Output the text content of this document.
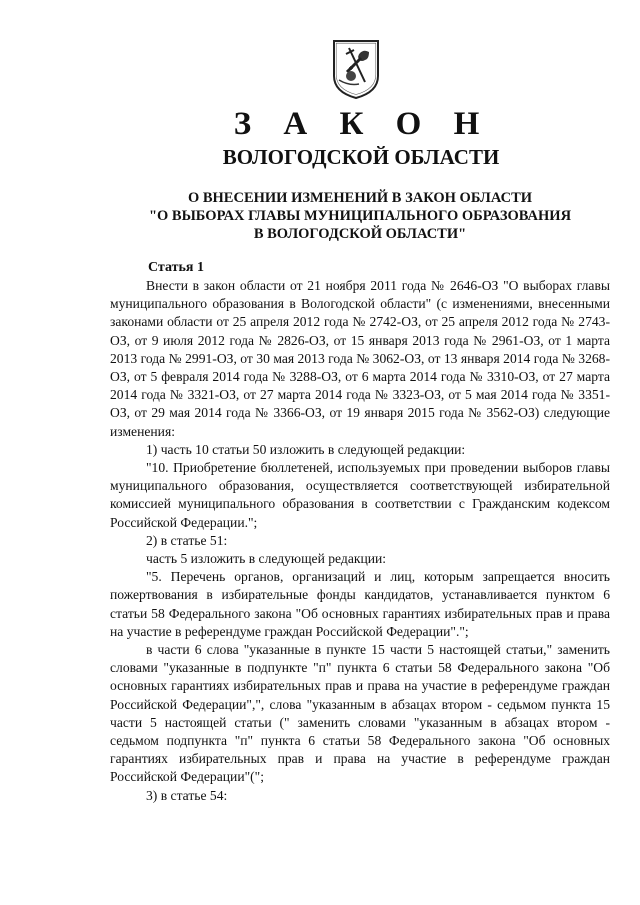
З А К О Н
ВОЛОГОДСКОЙ ОБЛАСТИ
О ВНЕСЕНИИ ИЗМЕНЕНИЙ В ЗАКОН ОБЛАСТИ
"О ВЫБОРАХ ГЛАВЫ МУНИЦИПАЛЬНОГО ОБРАЗОВАНИЯ
В ВОЛОГОДСКОЙ ОБЛАСТИ"
Статья 1

Внести в закон области от 21 ноября 2011 года № 2646-ОЗ "О выборах главы муниципального образования в Вологодской области" (с изменениями, внесенными законами области от 25 апреля 2012 года № 2742-ОЗ, от 25 апреля 2012 года № 2743-ОЗ, от 9 июля 2012 года № 2826-ОЗ, от 15 января 2013 года № 2961-ОЗ, от 1 марта 2013 года № 2991-ОЗ, от 30 мая 2013 года № 3062-ОЗ, от 13 января 2014 года № 3268-ОЗ, от 5 февраля 2014 года № 3288-ОЗ, от 6 марта 2014 года № 3310-ОЗ, от 27 марта 2014 года № 3321-ОЗ, от 27 марта 2014 года № 3323-ОЗ, от 5 мая 2014 года № 3351-ОЗ, от 29 мая 2014 года № 3366-ОЗ, от 19 января 2015 года № 3562-ОЗ) следующие изменения:

1) часть 10 статьи 50 изложить в следующей редакции:

"10. Приобретение бюллетеней, используемых при проведении выборов главы муниципального образования, осуществляется соответствующей избирательной комиссией муниципального образования в соответствии с Гражданским кодексом Российской Федерации.";

2) в статье 51:

часть 5 изложить в следующей редакции:

"5. Перечень органов, организаций и лиц, которым запрещается вносить пожертвования в избирательные фонды кандидатов, устанавливается пунктом 6 статьи 58 Федерального закона "Об основных гарантиях избирательных прав и права на участие в референдуме граждан Российской Федерации".";

в части 6 слова "указанные в пункте 15 части 5 настоящей статьи," заменить словами "указанные в подпункте "п" пункта 6 статьи 58 Федерального закона "Об основных гарантиях избирательных прав и права на участие в референдуме граждан Российской Федерации",", слова "указанным в абзацах втором - седьмом пункта 15 части 5 настоящей статьи (" заменить словами "указанным в абзацах втором - седьмом подпункта "п" пункта 6 статьи 58 Федерального закона "Об основных гарантиях избирательных прав и права на участие в референдуме граждан Российской Федерации"(";

3) в статье 54:
